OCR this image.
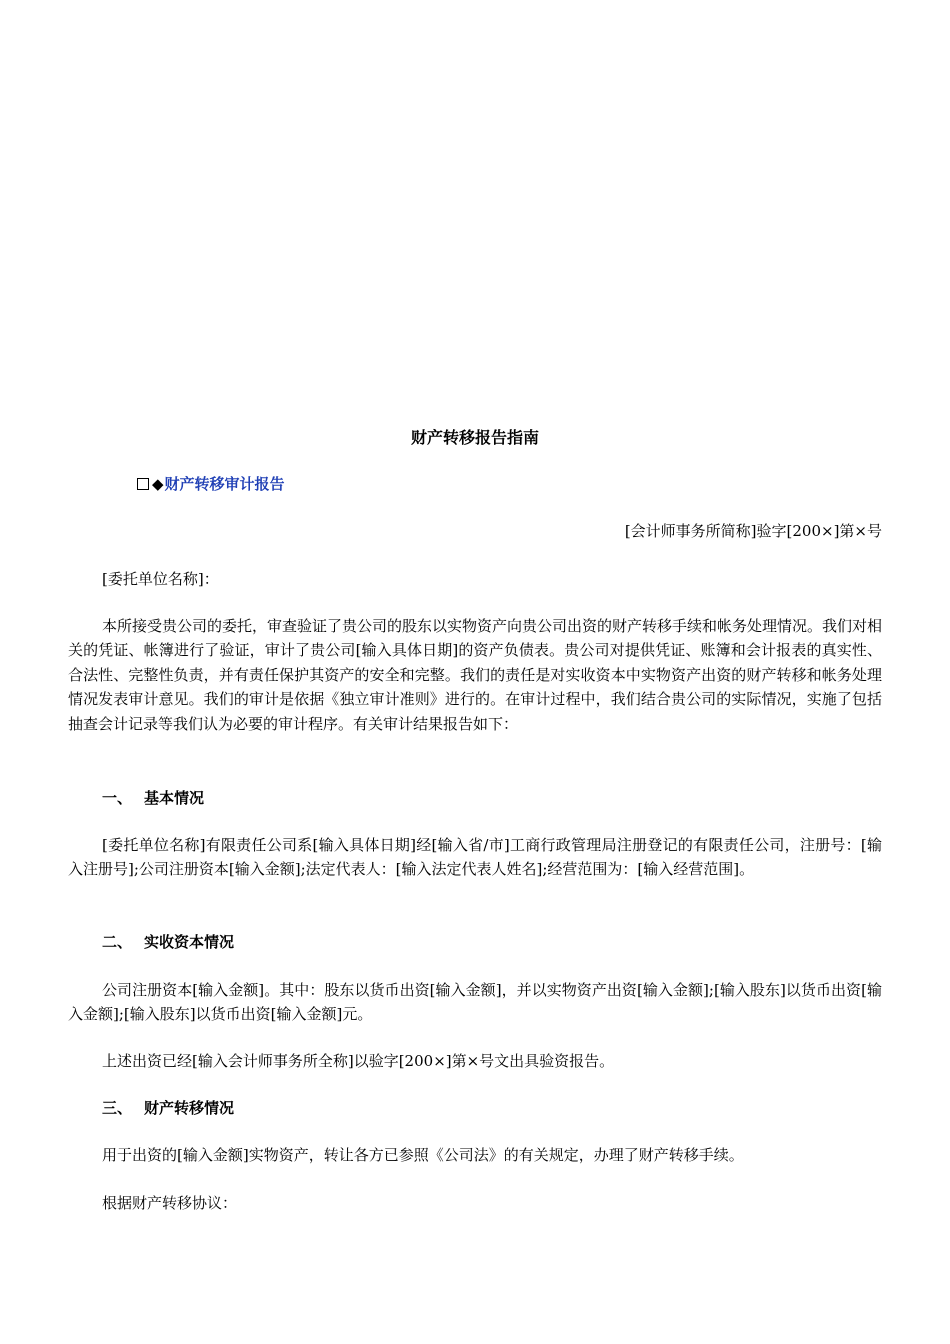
财产转移报告指南
◆财产转移审计报告
[会计师事务所简称]验字[200×]第×号
[委托单位名称]：
本所接受贵公司的委托，审查验证了贵公司的股东以实物资产向贵公司出资的财产转移手续和帐务处理情况。我们对相关的凭证、帐簿进行了验证，审计了贵公司[输入具体日期]的资产负债表。贵公司对提供凭证、账簿和会计报表的真实性、合法性、完整性负责，并有责任保护其资产的安全和完整。我们的责任是对实收资本中实物资产出资的财产转移和帐务处理情况发表审计意见。我们的审计是依据《独立审计准则》进行的。在审计过程中，我们结合贵公司的实际情况，实施了包括抽查会计记录等我们认为必要的审计程序。有关审计结果报告如下：
一、 基本情况
[委托单位名称]有限责任公司系[输入具体日期]经[输入省/市]工商行政管理局注册登记的有限责任公司，注册号：[输入注册号];公司注册资本[输入金额];法定代表人：[输入法定代表人姓名];经营范围为：[输入经营范围]。
二、 实收资本情况
公司注册资本[输入金额]。其中：股东以货币出资[输入金额]，并以实物资产出资[输入金额];[输入股东]以货币出资[输入金额];[输入股东]以货币出资[输入金额]元。
上述出资已经[输入会计师事务所全称]以验字[200×]第×号文出具验资报告。
三、 财产转移情况
用于出资的[输入金额]实物资产，转让各方已参照《公司法》的有关规定，办理了财产转移手续。
根据财产转移协议：
